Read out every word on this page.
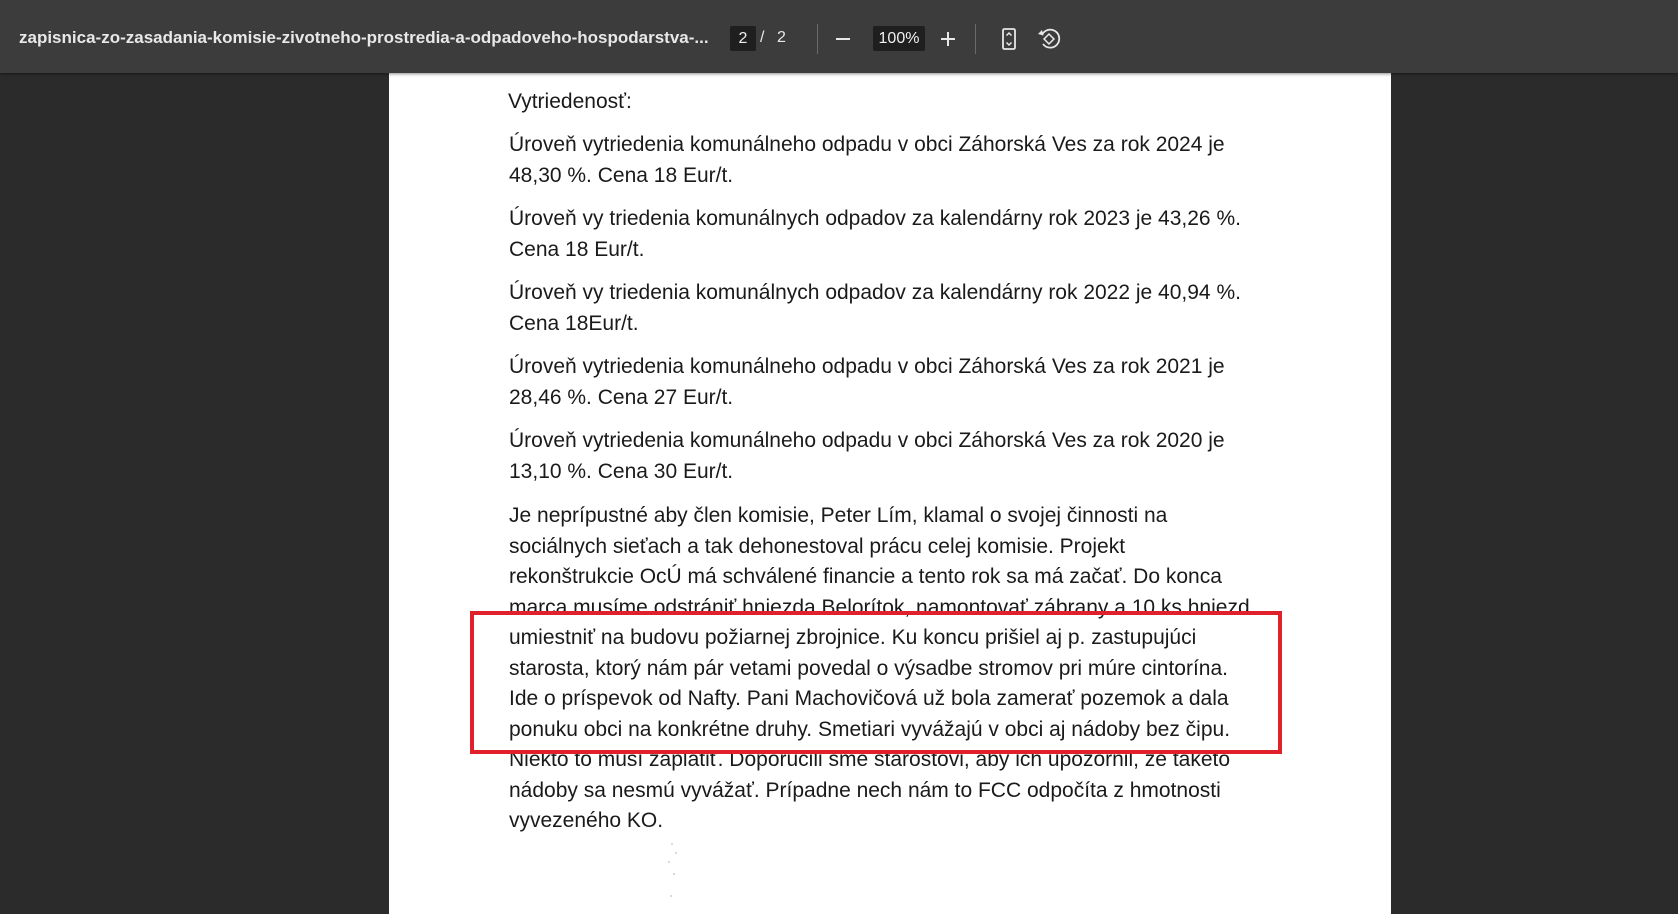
zapisnica-zo-zasadania-komisie-zivotneho-prostredia-a-odpadoveho-hospodarstva-...	2 / 2	100%
Vytriedenosť:
Úroveň vytriedenia komunálneho odpadu v obci Záhorská Ves za rok 2024 je
48,30 %. Cena 18 Eur/t.
Úroveň vy triedenia komunálnych odpadov za kalendárny rok 2023 je 43,26 %.
Cena 18 Eur/t.
Úroveň vy triedenia komunálnych odpadov za kalendárny rok 2022 je 40,94 %.
Cena 18Eur/t.
Úroveň vytriedenia komunálneho odpadu v obci Záhorská Ves za rok 2021 je
28,46 %. Cena 27 Eur/t.
Úroveň vytriedenia komunálneho odpadu v obci Záhorská Ves za rok 2020 je
13,10 %. Cena 30 Eur/t.
Je neprípustné aby člen komisie, Peter Lím, klamal o svojej činnosti na
sociálnych sieťach a tak dehonestoval prácu celej komisie. Projekt
rekonštrukcie OcÚ má schválené financie a tento rok sa má začať. Do konca
marca musíme odstrániť hniezda Belorítok, namontovať zábrany a 10 ks hniezd
umiestniť na budovu požiarnej zbrojnice. Ku koncu prišiel aj p. zastupujúci
starosta, ktorý nám pár vetami povedal o výsadbe stromov pri múre cintorína.
Ide o príspevok od Nafty. Pani Machovičová už bola zamerať pozemok a dala
ponuku obci na konkrétne druhy. Smetiari vyvážajú v obci aj nádoby bez čipu.
Niekto to musí zaplatiť. Doporučili sme starostovi, aby ich upozornil, že takéto
nádoby sa nesmú vyvážať. Prípadne nech nám to FCC odpočíta z hmotnosti
vyvezeného KO.
